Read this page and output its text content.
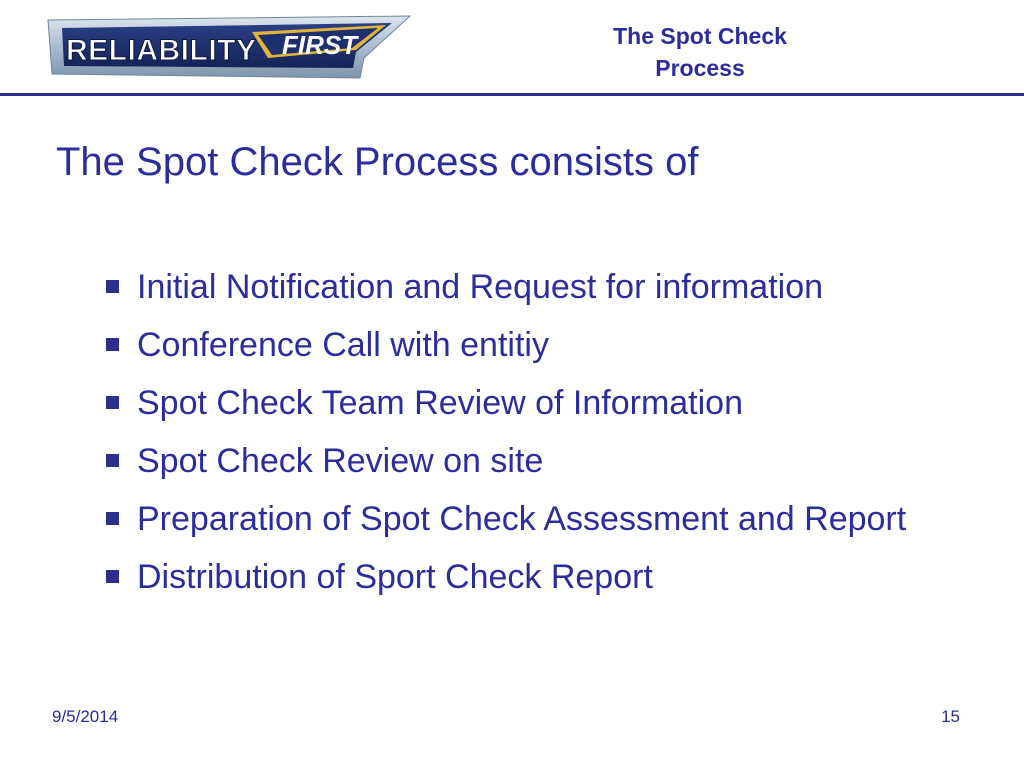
RELIABILITY FIRST	The Spot Check
Process
The Spot Check Process consists of
Initial Notification and Request for information
Conference Call with entitiy
Spot Check Team Review of Information
Spot Check Review on site
Preparation of Spot Check Assessment and Report
Distribution of Sport Check Report
9/5/2014	15
